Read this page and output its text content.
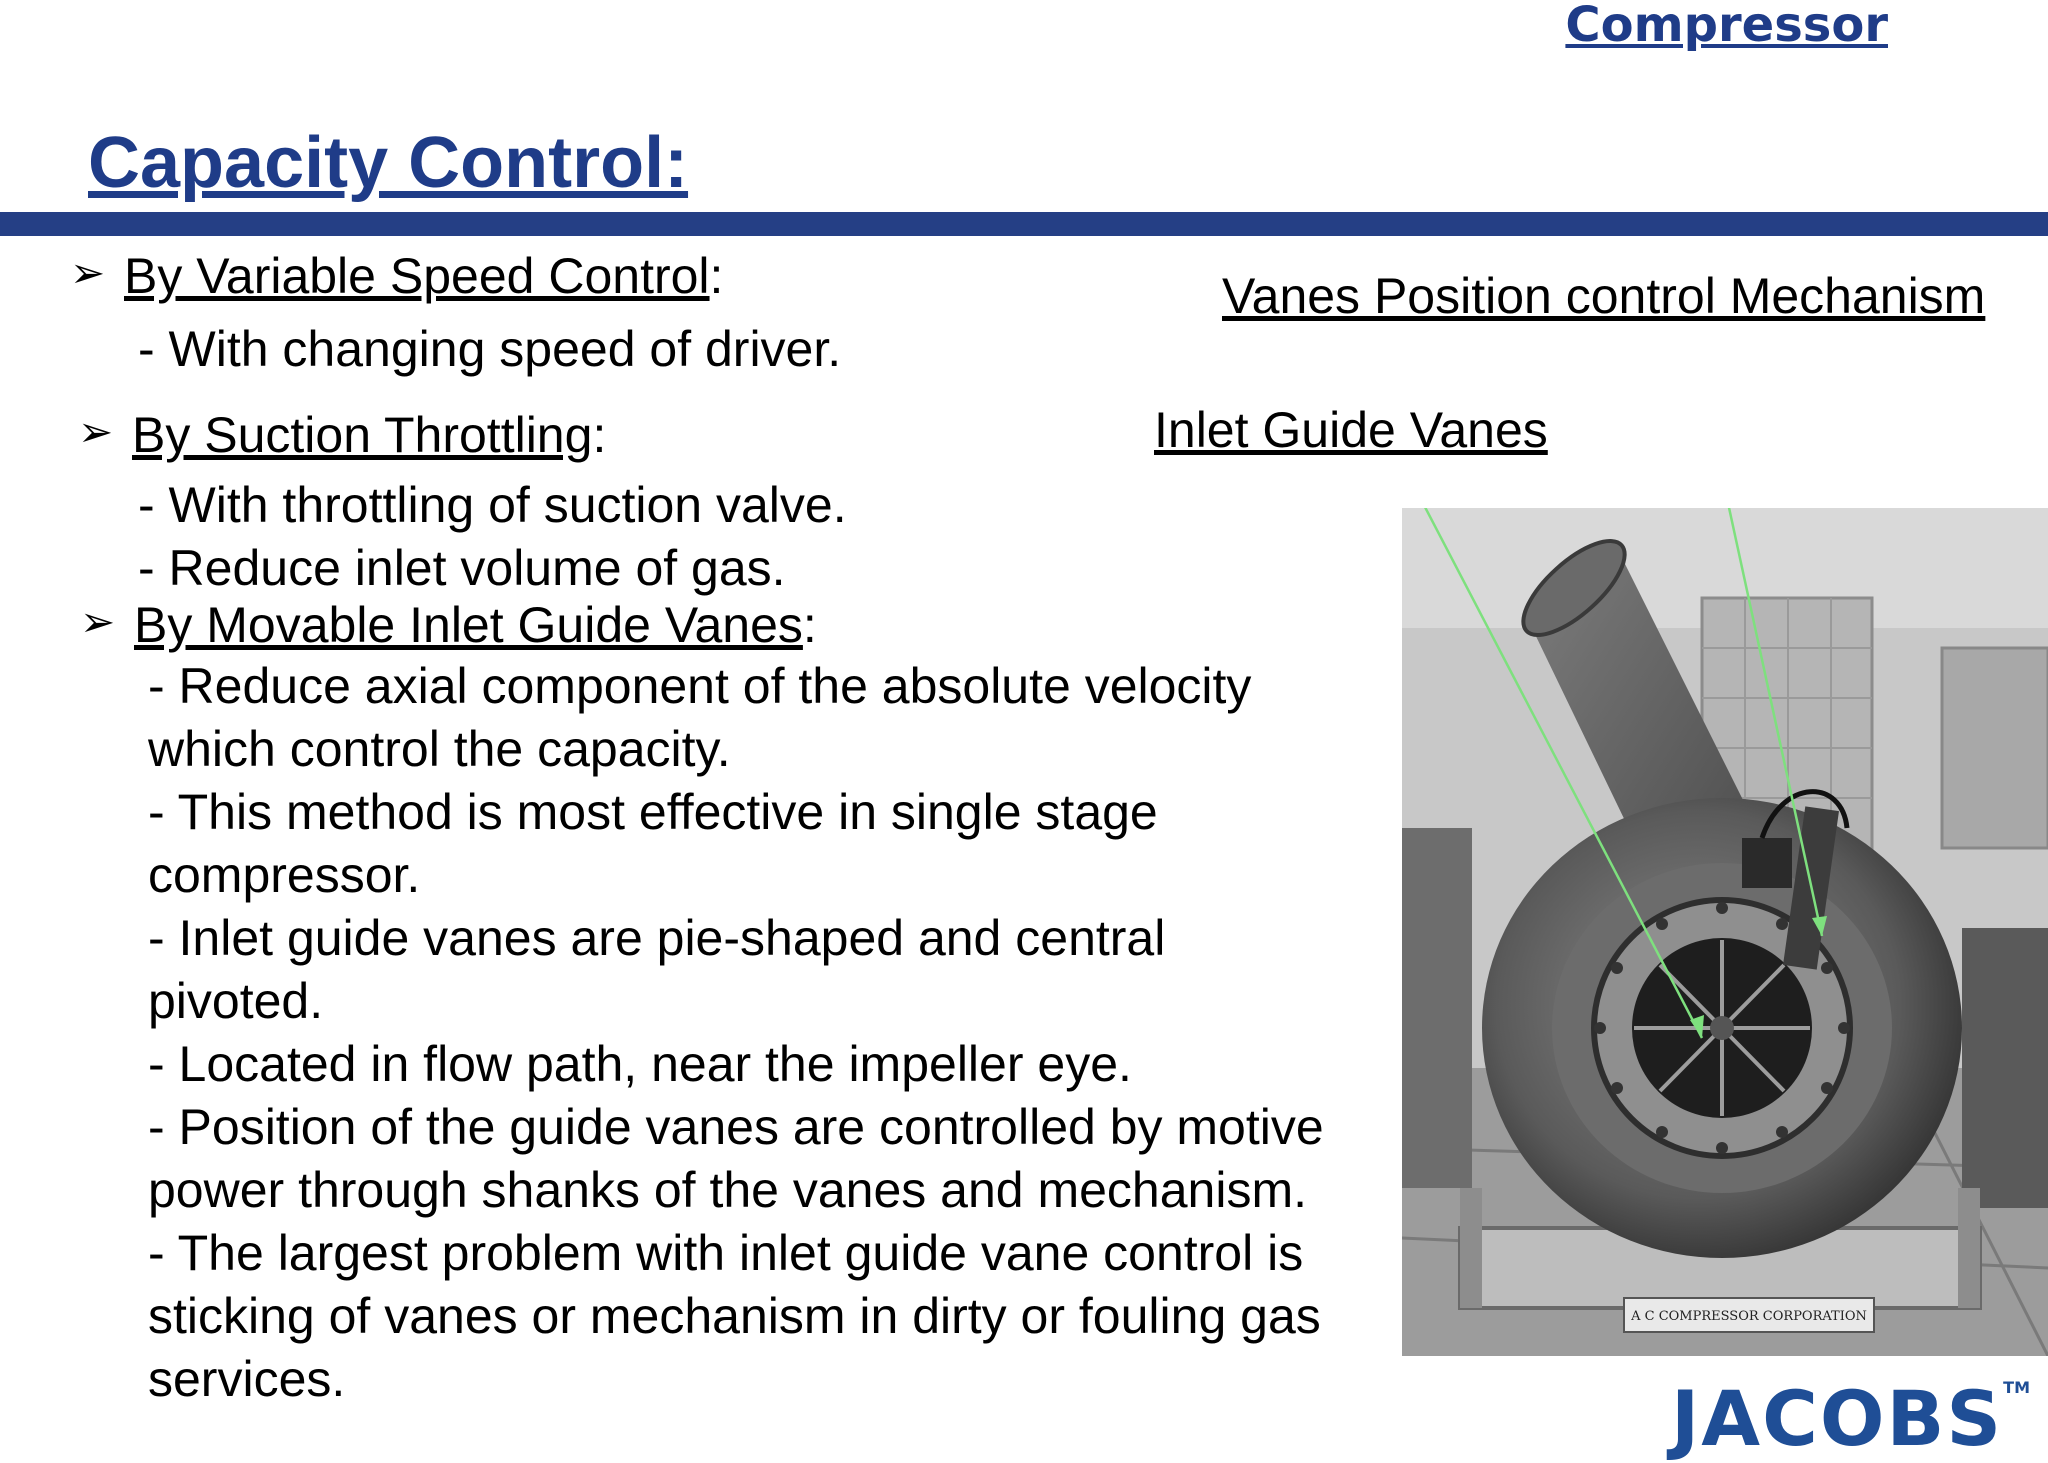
Compressor
Capacity Control:
➢ By Variable Speed Control:
- With changing speed of driver.
➢ By Suction Throttling:
- With throttling of suction valve.
- Reduce inlet volume of gas.
➢ By Movable Inlet Guide Vanes:
- Reduce axial component of the absolute velocity which control the capacity.
- This method is most effective in single stage compressor.
- Inlet guide vanes are pie-shaped and central pivoted.
- Located in flow path, near the impeller eye.
- Position of the guide vanes are controlled by motive power through shanks of the vanes and mechanism.
- The largest problem with inlet guide vane control is sticking of vanes or mechanism in dirty or fouling gas services.
Vanes Position control Mechanism
Inlet Guide Vanes
A C COMPRESSOR CORPORATION
JACOBS™
